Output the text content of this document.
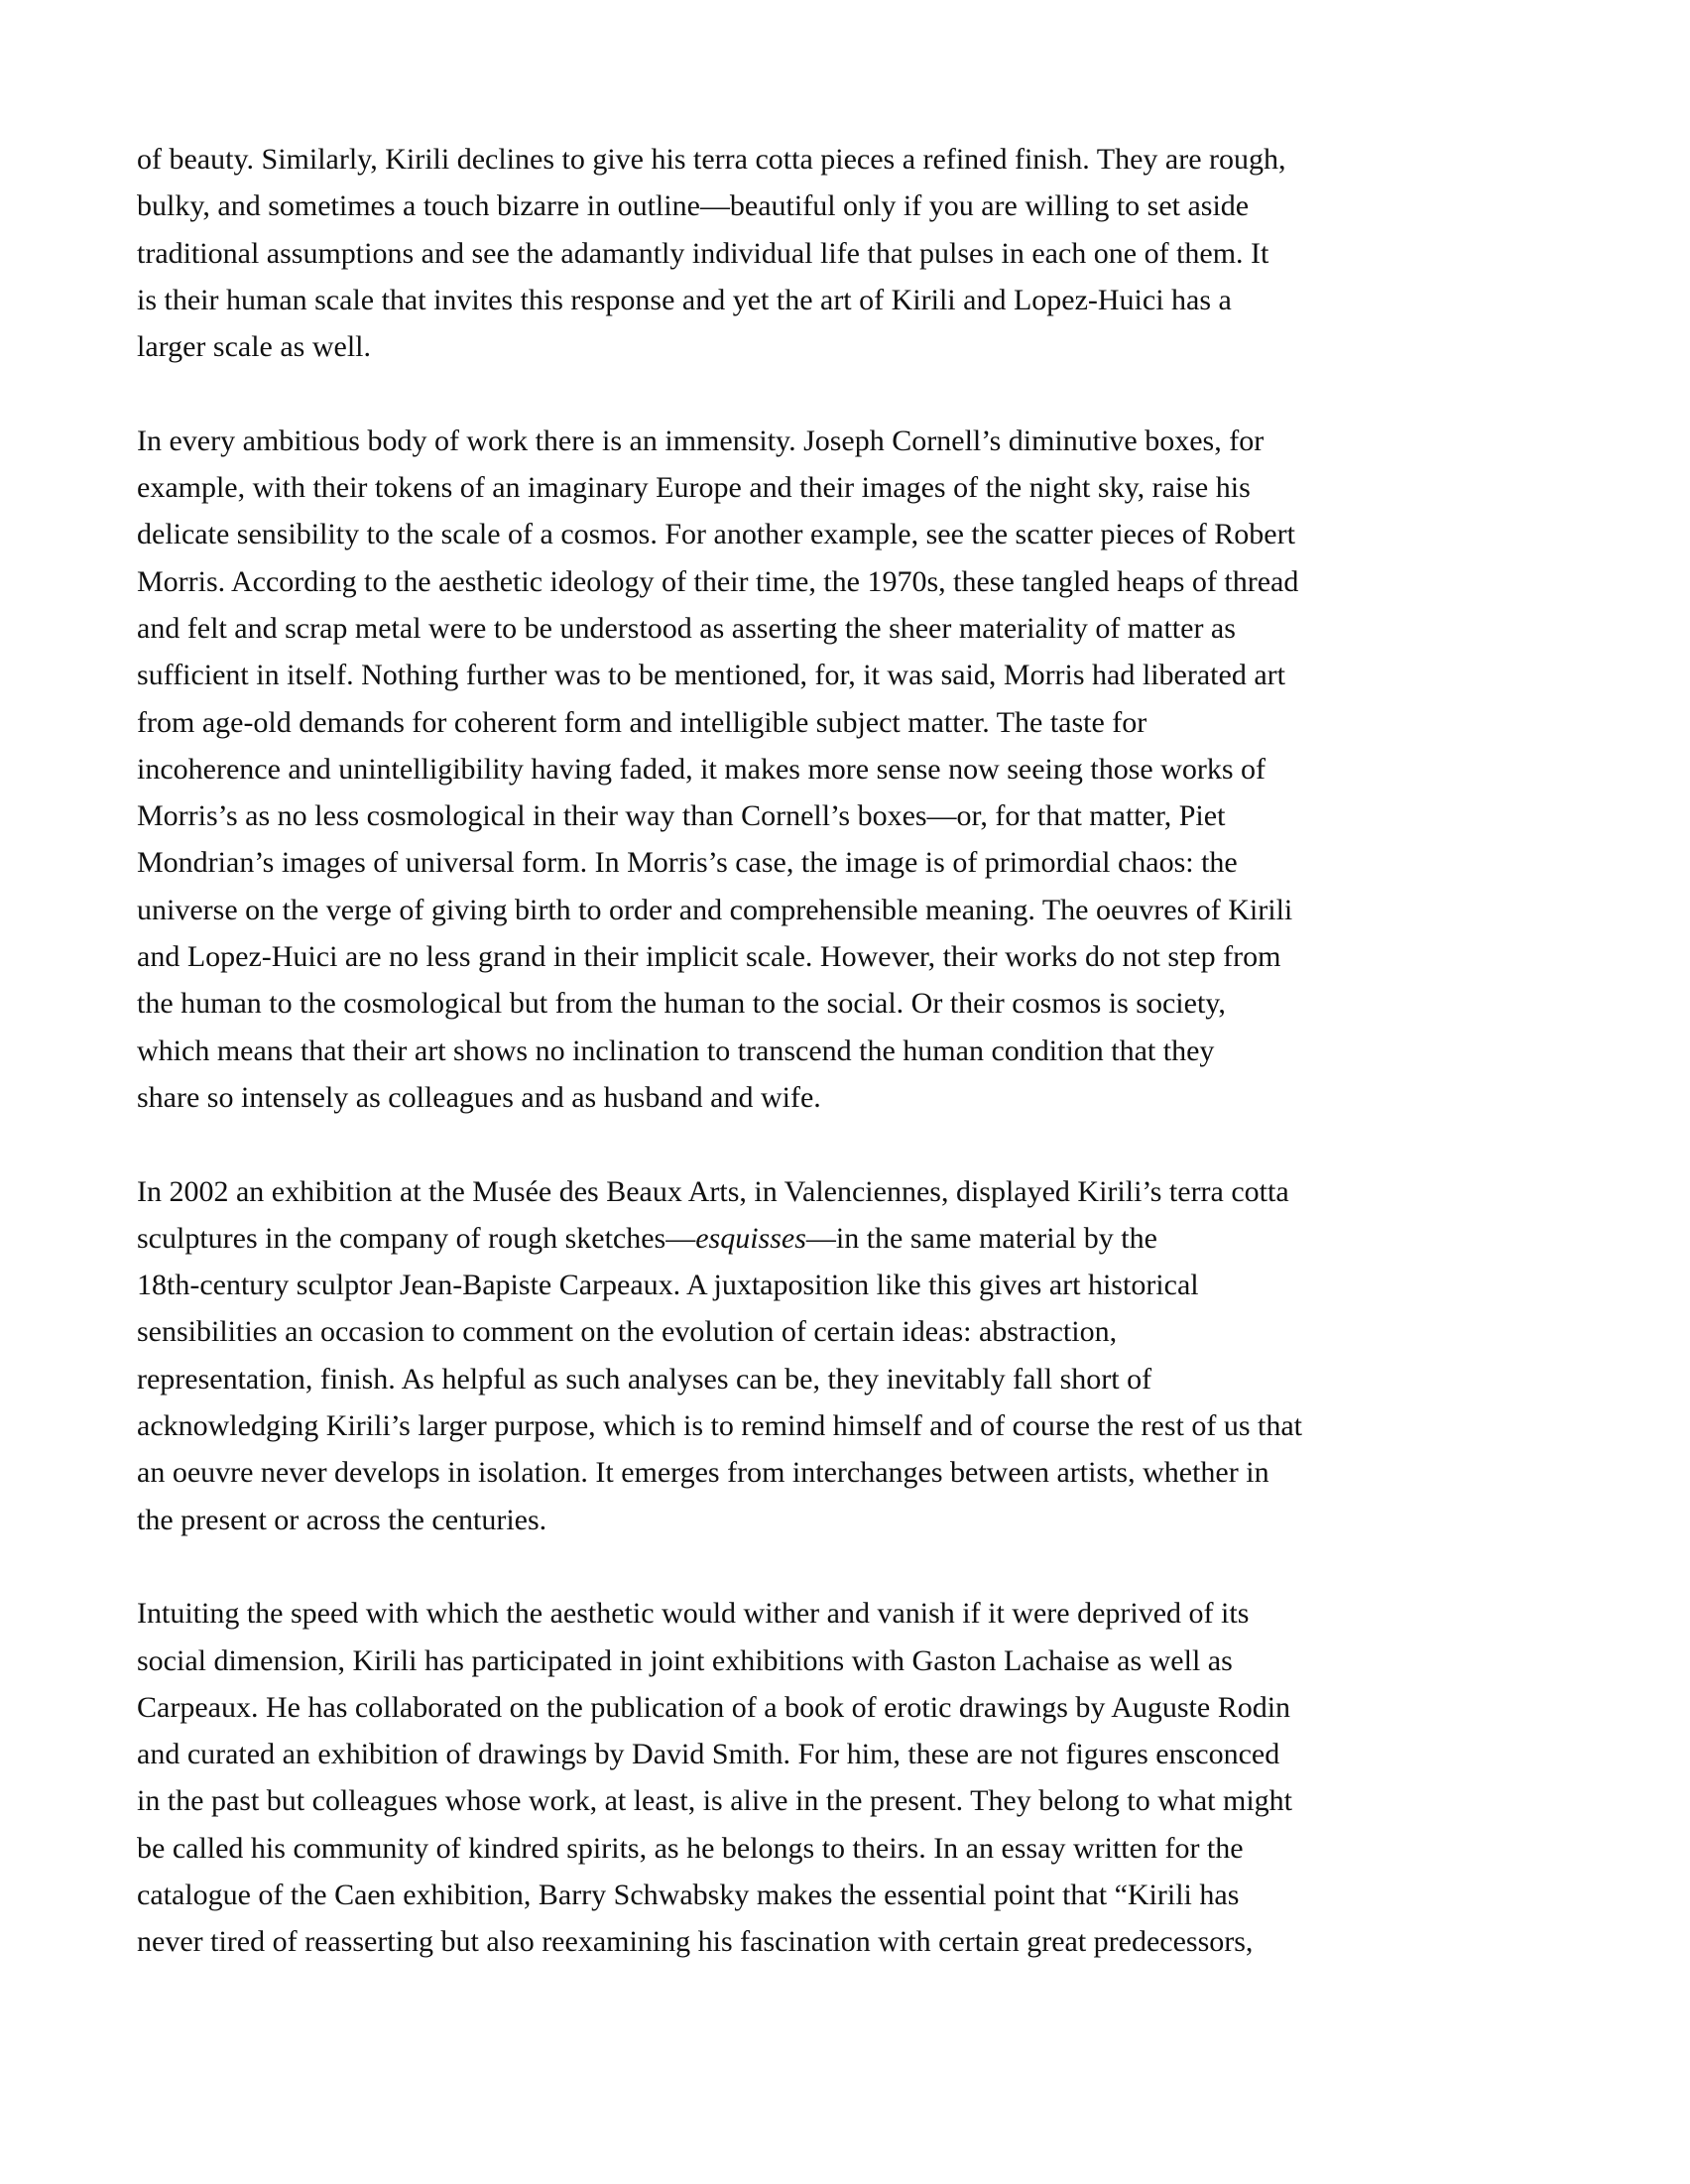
of beauty. Similarly, Kirili declines to give his terra cotta pieces a refined finish. They are rough,
bulky, and sometimes a touch bizarre in outline—beautiful only if you are willing to set aside
traditional assumptions and see the adamantly individual life that pulses in each one of them. It
is their human scale that invites this response and yet the art of Kirili and Lopez-Huici has a
larger scale as well.
In every ambitious body of work there is an immensity. Joseph Cornell’s diminutive boxes, for
example, with their tokens of an imaginary Europe and their images of the night sky, raise his
delicate sensibility to the scale of a cosmos. For another example, see the scatter pieces of Robert
Morris. According to the aesthetic ideology of their time, the 1970s, these tangled heaps of thread
and felt and scrap metal were to be understood as asserting the sheer materiality of matter as
sufficient in itself. Nothing further was to be mentioned, for, it was said, Morris had liberated art
from age-old demands for coherent form and intelligible subject matter. The taste for
incoherence and unintelligibility having faded, it makes more sense now seeing those works of
Morris’s as no less cosmological in their way than Cornell’s boxes—or, for that matter, Piet
Mondrian’s images of universal form. In Morris’s case, the image is of primordial chaos: the
universe on the verge of giving birth to order and comprehensible meaning. The oeuvres of Kirili
and Lopez-Huici are no less grand in their implicit scale. However, their works do not step from
the human to the cosmological but from the human to the social. Or their cosmos is society,
which means that their art shows no inclination to transcend the human condition that they
share so intensely as colleagues and as husband and wife.
In 2002 an exhibition at the Musée des Beaux Arts, in Valenciennes, displayed Kirili’s terra cotta
sculptures in the company of rough sketches—esquisses—in the same material by the
18th-century sculptor Jean-Bapiste Carpeaux. A juxtaposition like this gives art historical
sensibilities an occasion to comment on the evolution of certain ideas: abstraction,
representation, finish. As helpful as such analyses can be, they inevitably fall short of
acknowledging Kirili’s larger purpose, which is to remind himself and of course the rest of us that
an oeuvre never develops in isolation. It emerges from interchanges between artists, whether in
the present or across the centuries.
Intuiting the speed with which the aesthetic would wither and vanish if it were deprived of its
social dimension, Kirili has participated in joint exhibitions with Gaston Lachaise as well as
Carpeaux. He has collaborated on the publication of a book of erotic drawings by Auguste Rodin
and curated an exhibition of drawings by David Smith. For him, these are not figures ensconced
in the past but colleagues whose work, at least, is alive in the present. They belong to what might
be called his community of kindred spirits, as he belongs to theirs. In an essay written for the
catalogue of the Caen exhibition, Barry Schwabsky makes the essential point that “Kirili has
never tired of reasserting but also reexamining his fascination with certain great predecessors,
